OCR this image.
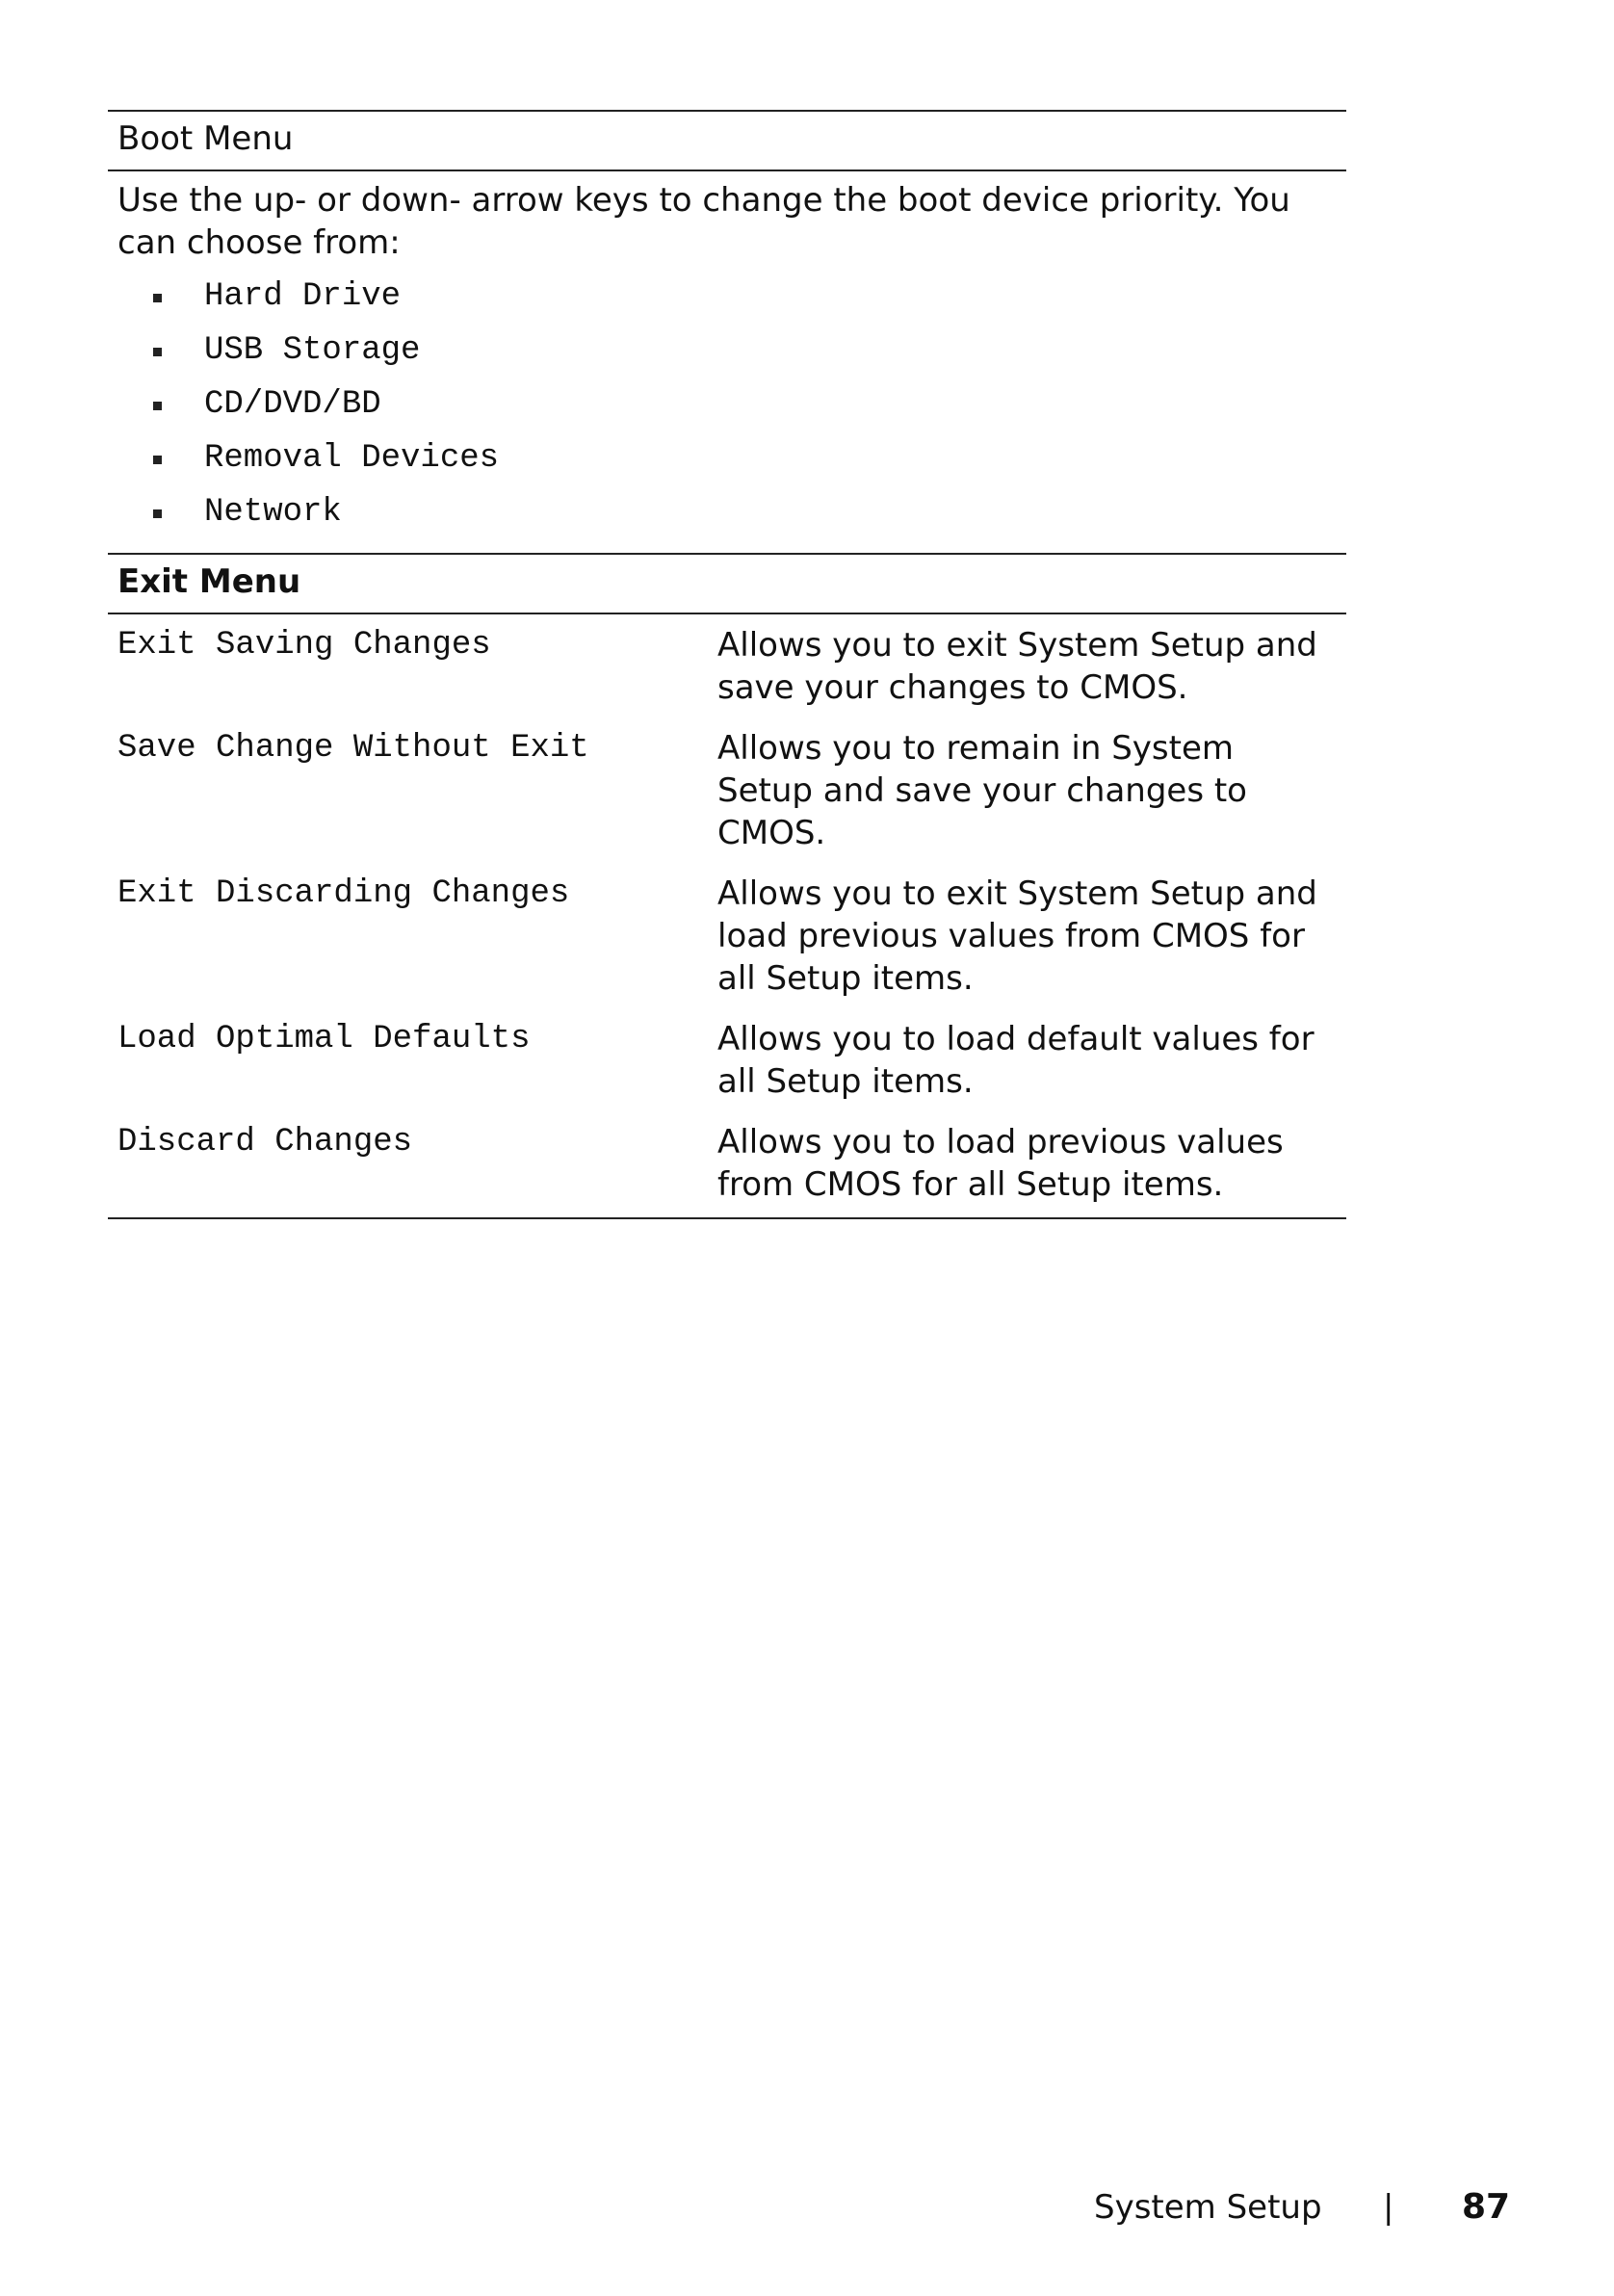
Boot Menu

Use the up- or down- arrow keys to change the boot device priority. You can choose from:

Hard Drive
USB Storage
CD/DVD/BD
Removal Devices
Network
Exit Menu
Exit Saving Changes	Allows you to exit System Setup and save your changes to CMOS.
Save Change Without Exit	Allows you to remain in System Setup and save your changes to CMOS.
Exit Discarding Changes	Allows you to exit System Setup and load previous values from CMOS for all Setup items.
Load Optimal Defaults	Allows you to load default values for all Setup items.
Discard Changes	Allows you to load previous values from CMOS for all Setup items.
System Setup | 87
